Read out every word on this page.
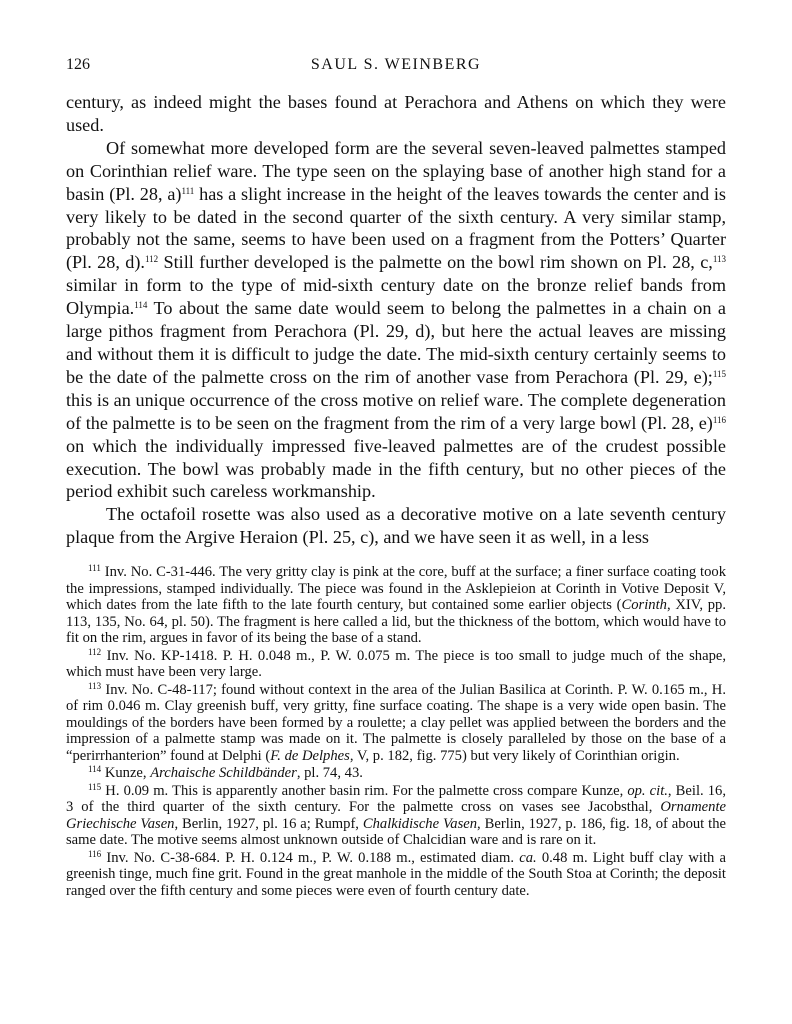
126	SAUL S. WEINBERG

century, as indeed might the bases found at Perachora and Athens on which they were used.

Of somewhat more developed form are the several seven-leaved palmettes stamped on Corinthian relief ware. The type seen on the splaying base of another high stand for a basin (Pl. 28, a)$^{111}$ has a slight increase in the height of the leaves towards the center and is very likely to be dated in the second quarter of the sixth century. A very similar stamp, probably not the same, seems to have been used on a fragment from the Potters’ Quarter (Pl. 28, d).$^{112}$ Still further developed is the palmette on the bowl rim shown on Pl. 28, c,$^{113}$ similar in form to the type of mid-sixth century date on the bronze relief bands from Olympia.$^{114}$ To about the same date would seem to belong the palmettes in a chain on a large pithos fragment from Perachora (Pl. 29, d), but here the actual leaves are missing and without them it is difficult to judge the date. The mid-sixth century certainly seems to be the date of the palmette cross on the rim of another vase from Perachora (Pl. 29, e);$^{115}$ this is an unique occurrence of the cross motive on relief ware. The complete degeneration of the palmette is to be seen on the fragment from the rim of a very large bowl (Pl. 28, e)$^{116}$ on which the individually impressed five-leaved palmettes are of the crudest possible execution. The bowl was probably made in the fifth century, but no other pieces of the period exhibit such careless workmanship.

The octafoil rosette was also used as a decorative motive on a late seventh century plaque from the Argive Heraion (Pl. 25, c), and we have seen it as well, in a less

$^{111}$ Inv. No. C-31-446. The very gritty clay is pink at the core, buff at the surface; a finer surface coating took the impressions, stamped individually. The piece was found in the Asklepieion at Corinth in Votive Deposit V, which dates from the late fifth to the late fourth century, but contained some earlier objects (Corinth, XIV, pp. 113, 135, No. 64, pl. 50). The fragment is here called a lid, but the thickness of the bottom, which would have to fit on the rim, argues in favor of its being the base of a stand.

$^{112}$ Inv. No. KP-1418. P. H. 0.048 m., P. W. 0.075 m. The piece is too small to judge much of the shape, which must have been very large.

$^{113}$ Inv. No. C-48-117; found without context in the area of the Julian Basilica at Corinth. P. W. 0.165 m., H. of rim 0.046 m. Clay greenish buff, very gritty, fine surface coating. The shape is a very wide open basin. The mouldings of the borders have been formed by a roulette; a clay pellet was applied between the borders and the impression of a palmette stamp was made on it. The palmette is closely paralleled by those on the base of a “perirrhanterion” found at Delphi (F. de Delphes, V, p. 182, fig. 775) but very likely of Corinthian origin.

$^{114}$ Kunze, Archaische Schildbänder, pl. 74, 43.

$^{115}$ H. 0.09 m. This is apparently another basin rim. For the palmette cross compare Kunze, op. cit., Beil. 16, 3 of the third quarter of the sixth century. For the palmette cross on vases see Jacobsthal, Ornamente Griechische Vasen, Berlin, 1927, pl. 16 a; Rumpf, Chalkidische Vasen, Berlin, 1927, p. 186, fig. 18, of about the same date. The motive seems almost unknown outside of Chalcidian ware and is rare on it.

$^{116}$ Inv. No. C-38-684. P. H. 0.124 m., P. W. 0.188 m., estimated diam. ca. 0.48 m. Light buff clay with a greenish tinge, much fine grit. Found in the great manhole in the middle of the South Stoa at Corinth; the deposit ranged over the fifth century and some pieces were even of fourth century date.
